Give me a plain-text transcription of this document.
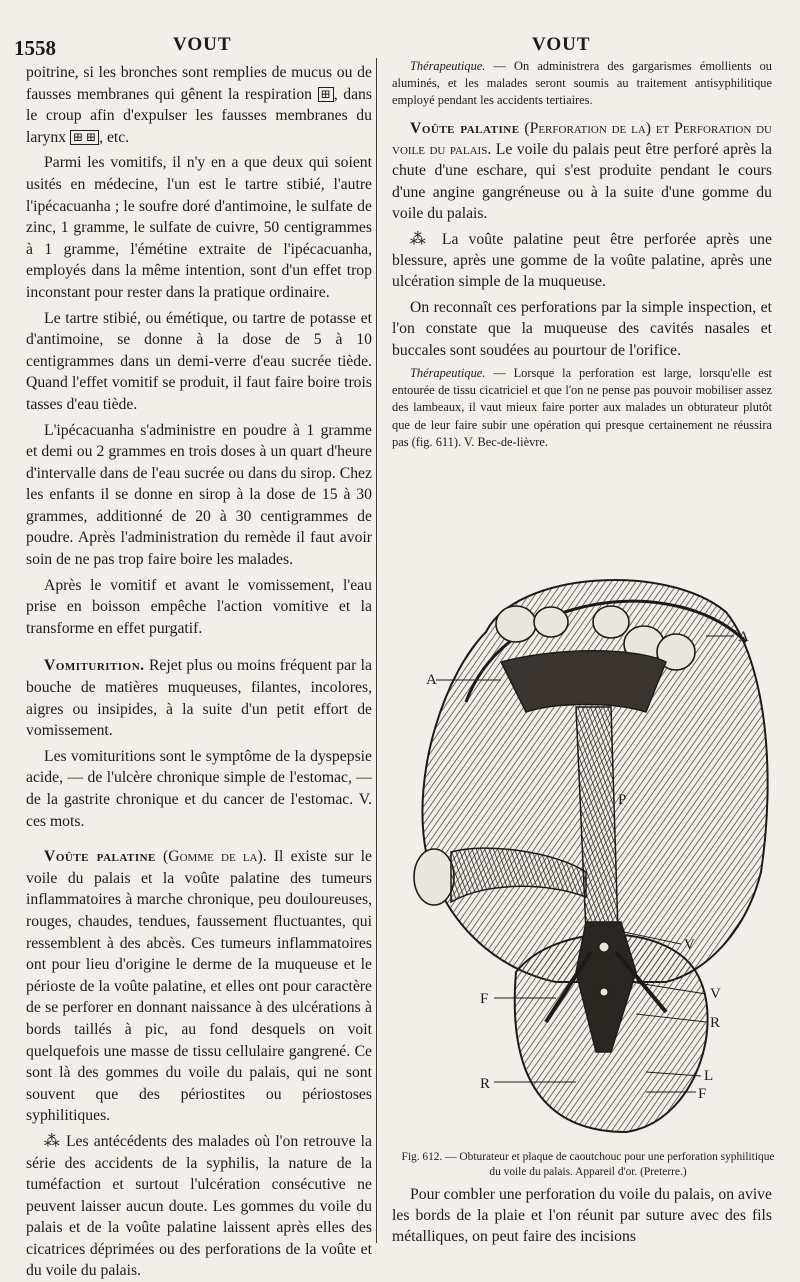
1558	VOUT	VOUT

poitrine, si les bronches sont remplies de mucus ou de fausses membranes qui gênent la respiration ⊞ , dans le croup afin d'expulser les fausses membranes du larynx ⊞ ⊞ , etc.

Parmi les vomitifs, il n'y en a que deux qui soient usités en médecine, l'un est le tartre stibié, l'autre l'ipécacuanha ; le soufre doré d'antimoine, le sulfate de zinc, 1 gramme, le sulfate de cuivre, 50 centigrammes à 1 gramme, l'émétine extraite de l'ipécacuanha, employés dans la même intention, sont d'un effet trop inconstant pour rester dans la pratique ordinaire.

Le tartre stibié, ou émétique, ou tartre de potasse et d'antimoine, se donne à la dose de 5 à 10 centigrammes dans un demi-verre d'eau sucrée tiède. Quand l'effet vomitif se produit, il faut faire boire trois tasses d'eau tiède.

L'ipécacuanha s'administre en poudre à 1 gramme et demi ou 2 grammes en trois doses à un quart d'heure d'intervalle dans de l'eau sucrée ou dans du sirop. Chez les enfants il se donne en sirop à la dose de 15 à 30 grammes, additionné de 20 à 30 centigrammes de poudre. Après l'administration du remède il faut avoir soin de ne pas trop faire boire les malades.

Après le vomitif et avant le vomissement, l'eau prise en boisson empêche l'action vomitive et la transforme en effet purgatif.

Vomiturition. Rejet plus ou moins fréquent par la bouche de matières muqueuses, filantes, incolores, aigres ou insipides, à la suite d'un petit effort de vomissement.

Les vomituritions sont le symptôme de la dyspepsie acide, — de l'ulcère chronique simple de l'estomac, — de la gastrite chronique et du cancer de l'estomac. V. ces mots.

Voûte palatine (Gomme de la). Il existe sur le voile du palais et la voûte palatine des tumeurs inflammatoires à marche chronique, peu douloureuses, rouges, chaudes, tendues, faussement fluctuantes, qui ressemblent à des abcès. Ces tumeurs inflammatoires ont pour lieu d'origine le derme de la muqueuse et le périoste de la voûte palatine, et elles ont pour caractère de se perforer en donnant naissance à des ulcérations à bords taillés à pic, au fond desquels on voit quelquefois une masse de tissu cellulaire gangrené. Ce sont là des gommes du voile du palais, qui ne sont souvent que des périostites ou périostoses syphilitiques.

⁂ Les antécédents des malades où l'on retrouve la série des accidents de la syphilis, la nature de la tuméfaction et surtout l'ulcération consécutive ne peuvent laisser aucun doute. Les gommes du voile du palais et de la voûte palatine laissent après elles des cicatrices déprimées ou des perforations de la voûte et du voile du palais.

Thérapeutique. — On administrera des gargarismes émollients ou aluminés, et les malades seront soumis au traitement antisyphilitique employé pendant les accidents tertiaires.

Voûte palatine (Perforation de la) et Perforation du voile du palais. Le voile du palais peut être perforé après la chute d'une eschare, qui s'est produite pendant le cours d'une angine gangréneuse ou à la suite d'une gomme du voile du palais.

⁂ La voûte palatine peut être perforée après une blessure, après une gomme de la voûte palatine, après une ulcération simple de la muqueuse.

On reconnaît ces perforations par la simple inspection, et l'on constate que la muqueuse des cavités nasales et buccales sont soudées au pourtour de l'orifice.

Thérapeutique. — Lorsque la perforation est large, lorsqu'elle est entourée de tissu cicatriciel et que l'on ne pense pas pouvoir mobiliser assez des lambeaux, il vaut mieux faire porter aux malades un obturateur plutôt que de leur faire subir une opération qui presque certainement ne réussira pas (fig. 611). V. Bec-de-lièvre.

A
A
P
V
V
F
R
R	L
F
Fig. 612. — Obturateur et plaque de caoutchouc pour une perforation syphilitique du voile du palais. Appareil d'or. (Preterre.)
Pour combler une perforation du voile du palais, on avive les bords de la plaie et l'on réunit par suture avec des fils métalliques, on peut faire des incisions
